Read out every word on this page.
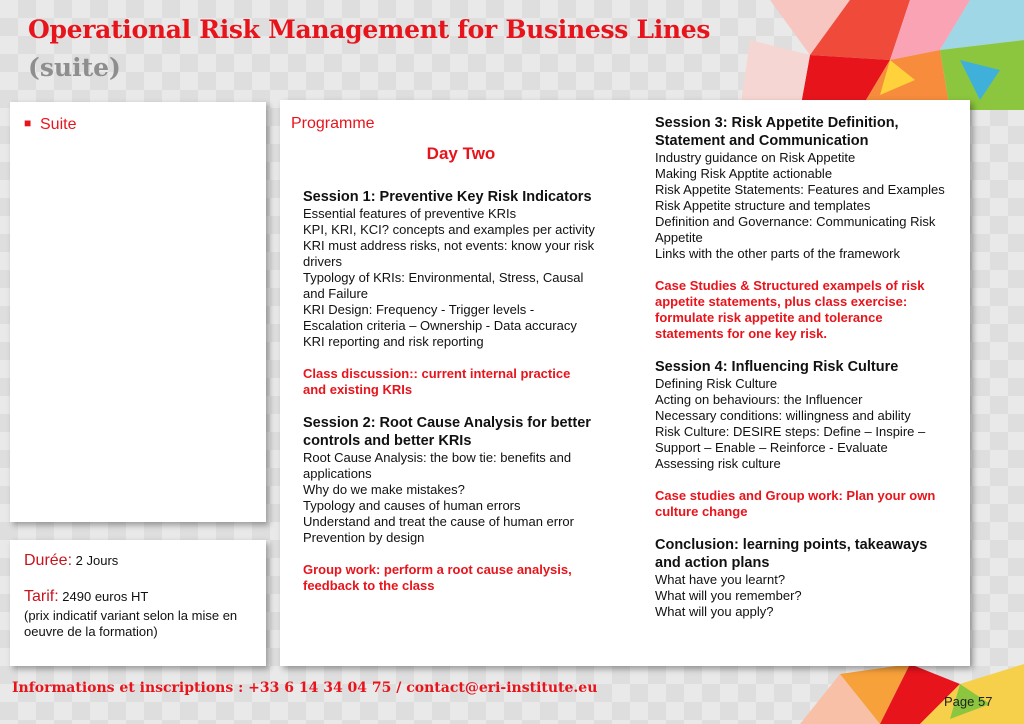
Operational Risk Management for Business Lines
(suite)
■ Suite
Durée: 2 Jours
Tarif: 2490 euros HT
(prix indicatif variant selon la mise en
oeuvre de la formation)

Programme

Day Two

Session 1: Preventive Key Risk Indicators

Essential features of preventive KRIs

KPI, KRI, KCI? concepts and examples per activity

KRI must address risks, not events: know your risk

drivers

Typology of KRIs: Environmental, Stress, Causal

and Failure

KRI Design: Frequency - Trigger levels -

Escalation criteria – Ownership - Data accuracy

KRI reporting and risk reporting

Class discussion:: current internal practice

and existing KRIs

Session 2: Root Cause Analysis for better

controls and better KRIs

Root Cause Analysis: the bow tie: benefits and

applications

Why do we make mistakes?

Typology and causes of human errors

Understand and treat the cause of human error

Prevention by design

Group work: perform a root cause analysis,

feedback to the class

Session 3: Risk Appetite Definition,

Statement and Communication

Industry guidance on Risk Appetite

Making Risk Apptite actionable

Risk Appetite Statements: Features and Examples

Risk Appetite structure and templates

Definition and Governance: Communicating Risk

Appetite

Links with the other parts of the framework

Case Studies & Structured exampels of risk

appetite statements, plus class exercise:

formulate risk appetite and tolerance

statements for one key risk.

Session 4: Influencing Risk Culture

Defining Risk Culture

Acting on behaviours: the Influencer

Necessary conditions: willingness and ability

Risk Culture: DESIRE steps: Define – Inspire –

Support – Enable – Reinforce - Evaluate

Assessing risk culture

Case studies and Group work: Plan your own

culture change

Conclusion: learning points, takeaways

and action plans

What have you learnt?

What will you remember?

What will you apply?

Informations et inscriptions : +33 6 14 34 04 75 / contact@eri-institute.eu
Page 57
